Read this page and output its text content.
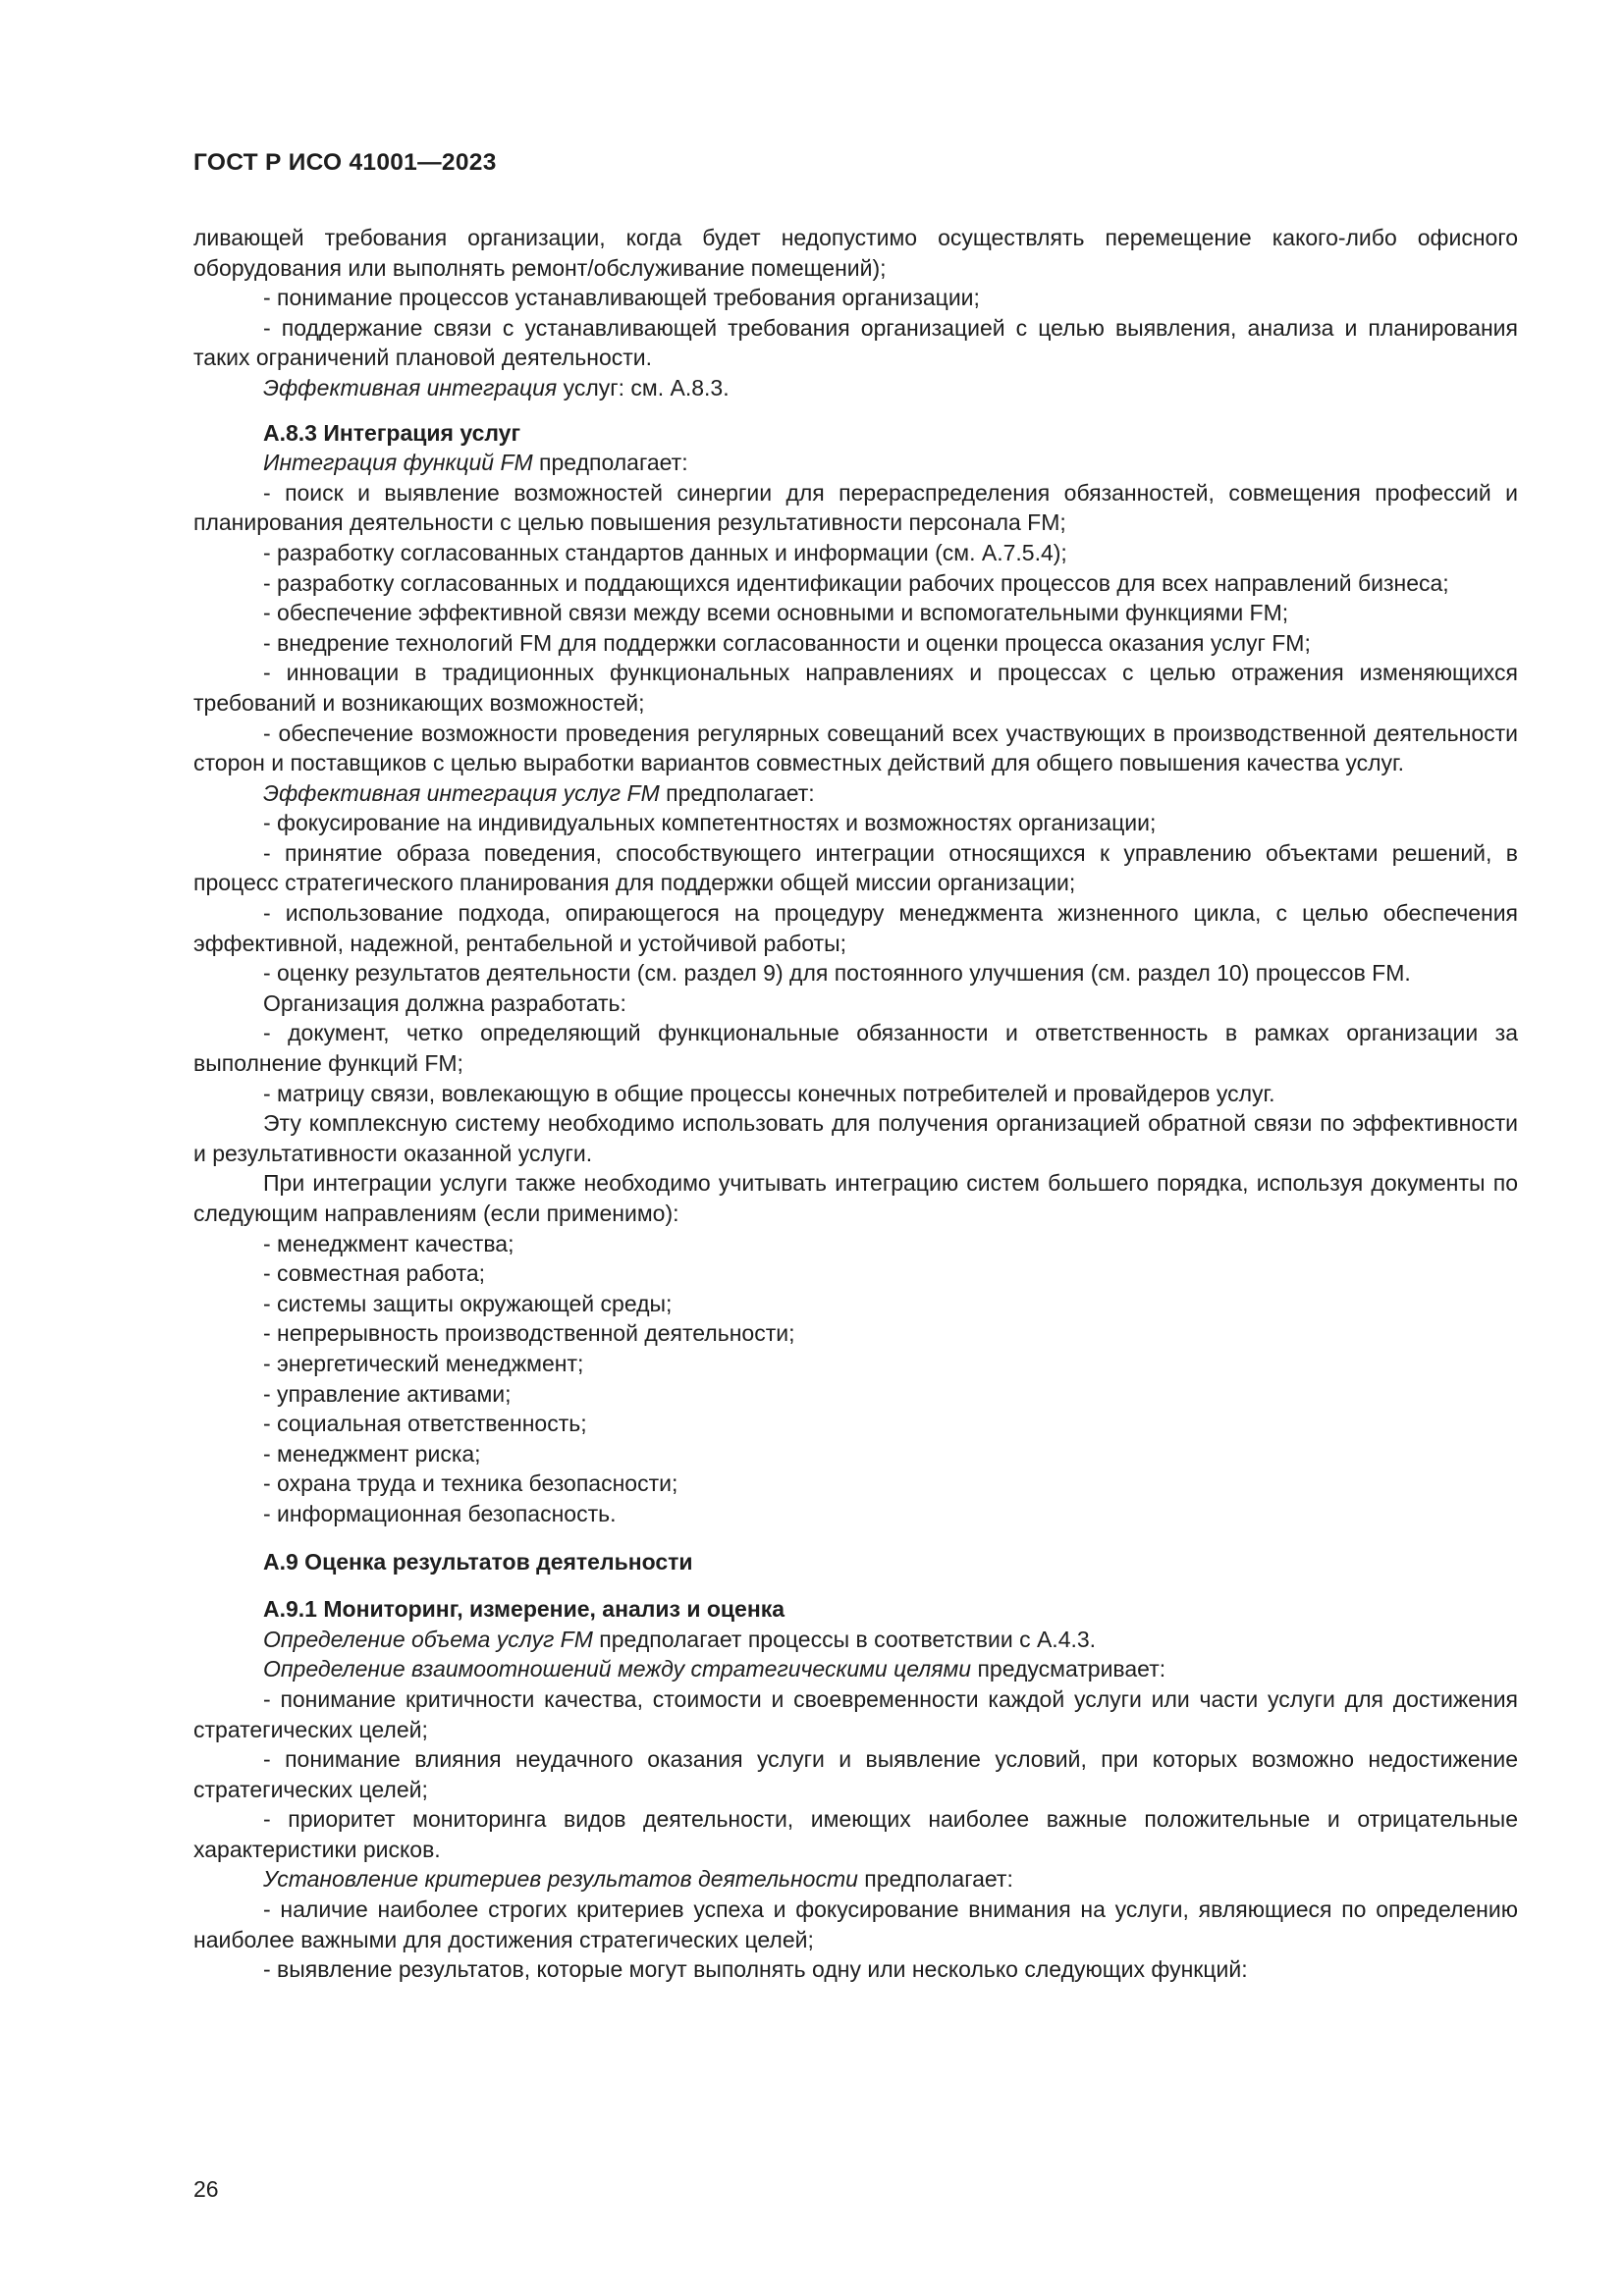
ГОСТ Р ИСО 41001—2023

ливающей требования организации, когда будет недопустимо осуществлять перемещение какого-либо офисного оборудования или выполнять ремонт/обслуживание помещений);

- понимание процессов устанавливающей требования организации;

- поддержание связи с устанавливающей требования организацией с целью выявления, анализа и планирования таких ограничений плановой деятельности.

Эффективная интеграция услуг: см. А.8.3.

А.8.3 Интеграция услуг

Интеграция функций FM предполагает:

- поиск и выявление возможностей синергии для перераспределения обязанностей, совмещения профессий и планирования деятельности с целью повышения результативности персонала FM;

- разработку согласованных стандартов данных и информации (см. А.7.5.4);

- разработку согласованных и поддающихся идентификации рабочих процессов для всех направлений бизнеса;

- обеспечение эффективной связи между всеми основными и вспомогательными функциями FM;

- внедрение технологий FM для поддержки согласованности и оценки процесса оказания услуг FM;

- инновации в традиционных функциональных направлениях и процессах с целью отражения изменяющихся требований и возникающих возможностей;

- обеспечение возможности проведения регулярных совещаний всех участвующих в производственной деятельности сторон и поставщиков с целью выработки вариантов совместных действий для общего повышения качества услуг.

Эффективная интеграция услуг FM предполагает:

- фокусирование на индивидуальных компетентностях и возможностях организации;

- принятие образа поведения, способствующего интеграции относящихся к управлению объектами решений, в процесс стратегического планирования для поддержки общей миссии организации;

- использование подхода, опирающегося на процедуру менеджмента жизненного цикла, с целью обеспечения эффективной, надежной, рентабельной и устойчивой работы;

- оценку результатов деятельности (см. раздел 9) для постоянного улучшения (см. раздел 10) процессов FM.

Организация должна разработать:

- документ, четко определяющий функциональные обязанности и ответственность в рамках организации за выполнение функций FM;

- матрицу связи, вовлекающую в общие процессы конечных потребителей и провайдеров услуг.

Эту комплексную систему необходимо использовать для получения организацией обратной связи по эффективности и результативности оказанной услуги.

При интеграции услуги также необходимо учитывать интеграцию систем большего порядка, используя документы по следующим направлениям (если применимо):

- менеджмент качества;

- совместная работа;

- системы защиты окружающей среды;

- непрерывность производственной деятельности;

- энергетический менеджмент;

- управление активами;

- социальная ответственность;

- менеджмент риска;

- охрана труда и техника безопасности;

- информационная безопасность.

А.9 Оценка результатов деятельности

А.9.1 Мониторинг, измерение, анализ и оценка

Определение объема услуг FM предполагает процессы в соответствии с А.4.3.

Определение взаимоотношений между стратегическими целями предусматривает:

- понимание критичности качества, стоимости и своевременности каждой услуги или части услуги для достижения стратегических целей;

- понимание влияния неудачного оказания услуги и выявление условий, при которых возможно недостижение стратегических целей;

- приоритет мониторинга видов деятельности, имеющих наиболее важные положительные и отрицательные характеристики рисков.

Установление критериев результатов деятельности предполагает:

- наличие наиболее строгих критериев успеха и фокусирование внимания на услуги, являющиеся по определению наиболее важными для достижения стратегических целей;

- выявление результатов, которые могут выполнять одну или несколько следующих функций:

26
